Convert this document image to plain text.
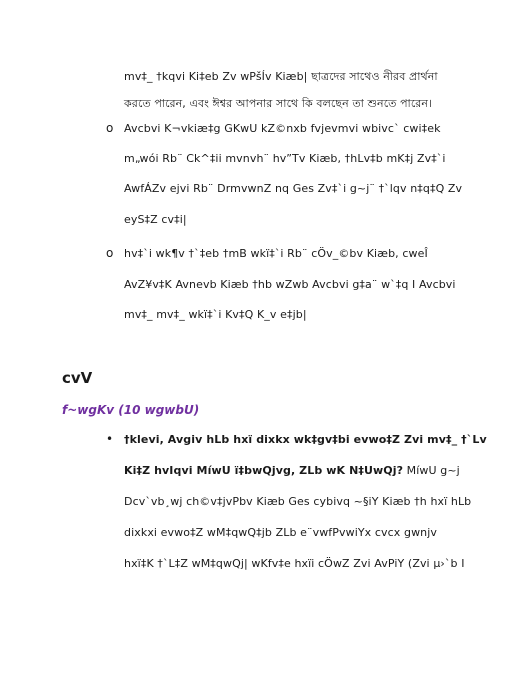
mv‡_ †kqvi Ki‡eb Zv wPšÍv Kiæb| ছাত্রদের সাথেও নীরব প্রার্থনা
করতে পারেন, এবং ঈশ্বর আপনার সাথে কি বলছেন তা শুনতে পারেন।
o Avcbvi K¬vkiæ‡g GKwU kZ©nxb fvjevmvi wbivc` cwi‡ek
m„wói Rb¨ Ck^‡ii mvnvh¨ hv”Tv Kiæb, †hLv‡b mK‡j Zv‡`i
AwfÁZv ejvi Rb¨ DrmvwnZ nq Ges Zv‡`i g~j¨ †`lqv n‡q‡Q Zv
eyS‡Z cv‡i|
o hv‡`i wk¶v †`‡eb †mB wkï‡`i Rb¨ cÖv_©bv Kiæb, cweÎ
AvZ¥v‡K Avnevb Kiæb †hb wZwb Avcbvi g‡a¨ w`‡q I Avcbvi
mv‡_ mv‡_ wkï‡`i Kv‡Q K_v e‡jb|
cvV
f~wgKv (10 wgwbU)
• †klevi, Avgiv hLb hxï dixkx wk‡gv‡bi evwo‡Z Zvi mv‡_ †`Lv
Ki‡Z hvIqvi MíwU ï‡bwQjvg, ZLb wK N‡UwQj? MíwU g~j
Dcv`vb¸wj ch©v‡jvPbv Kiæb Ges cybivq ~§iY Kiæb †h hxï hLb
dixkxi evwo‡Z wM‡qwQ‡jb ZLb e¨vwfPvwiYx cvcx gwnjv
hxï‡K †`L‡Z wM‡qwQj| wKfv‡e hxïi cÖwZ Zvi AvPiY (Zvi µ›`b I
